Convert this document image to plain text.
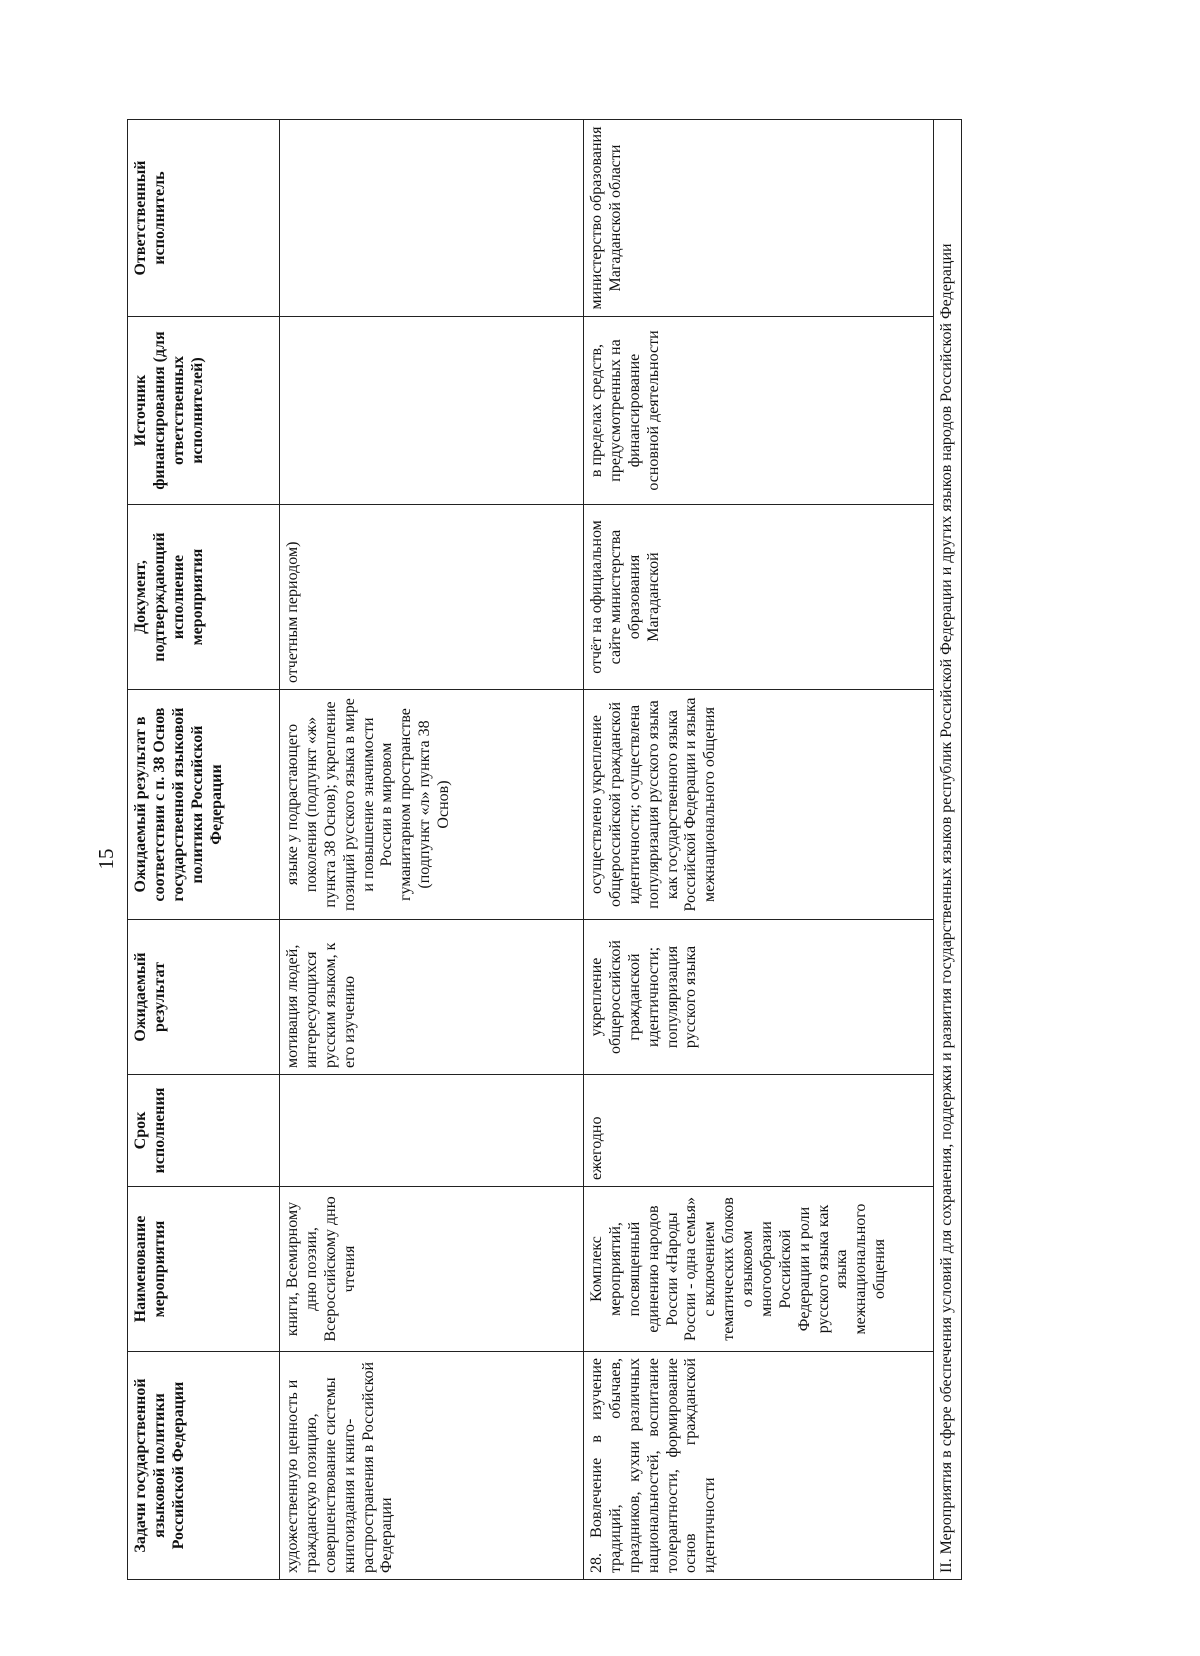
15
Задачи государственной языковой политики Российской Федерации	Наименование мероприятия	Срок исполнения	Ожидаемый результат	Ожидаемый результат в соответствии с п. 38 Основ государственной языковой политики Российской Федерации	Документ, подтверждающий исполнение мероприятия	Источник финансирования (для ответственных исполнителей)	Ответственный исполнитель
художественную ценность и гражданскую позицию, совершенствование системы книгоиздания и книго-распространения в Российской Федерации	книги, Всемирному дню поэзии, Всероссийскому дню чтения		мотивация людей, интересующихся русским языком, к его изучению	языке у подрастающего поколения (подпункт «ж» пункта 38 Основ); укрепление позиций русского языка в мире и повышение значимости России в мировом гуманитарном пространстве (подпункт «л» пункта 38 Основ)	отчетным периодом)		
28. Вовлечение в изучение традиций, обычаев, праздников, кухни различных национальностей, воспитание толерантности, формирование основ гражданской идентичности	Комплекс мероприятий, посвященный единению народов России «Народы России - одна семья» с включением тематических блоков о языковом многообразии Российской Федерации и роли русского языка как языка межнационального общения	ежегодно	укрепление общероссийской гражданской идентичности; популяризация русского языка	осуществлено укрепление общероссийской гражданской идентичности; осуществлена популяризация русского языка как государственного языка Российской Федерации и языка межнационального общения	отчёт на официальном сайте министерства образования Магаданской	в пределах средств, предусмотренных на финансирование основной деятельности	министерство образования Магаданской области
II. Мероприятия в сфере обеспечения условий для сохранения, поддержки и развития государственных языков республик Российской Федерации и других языков народов Российской Федерации							
